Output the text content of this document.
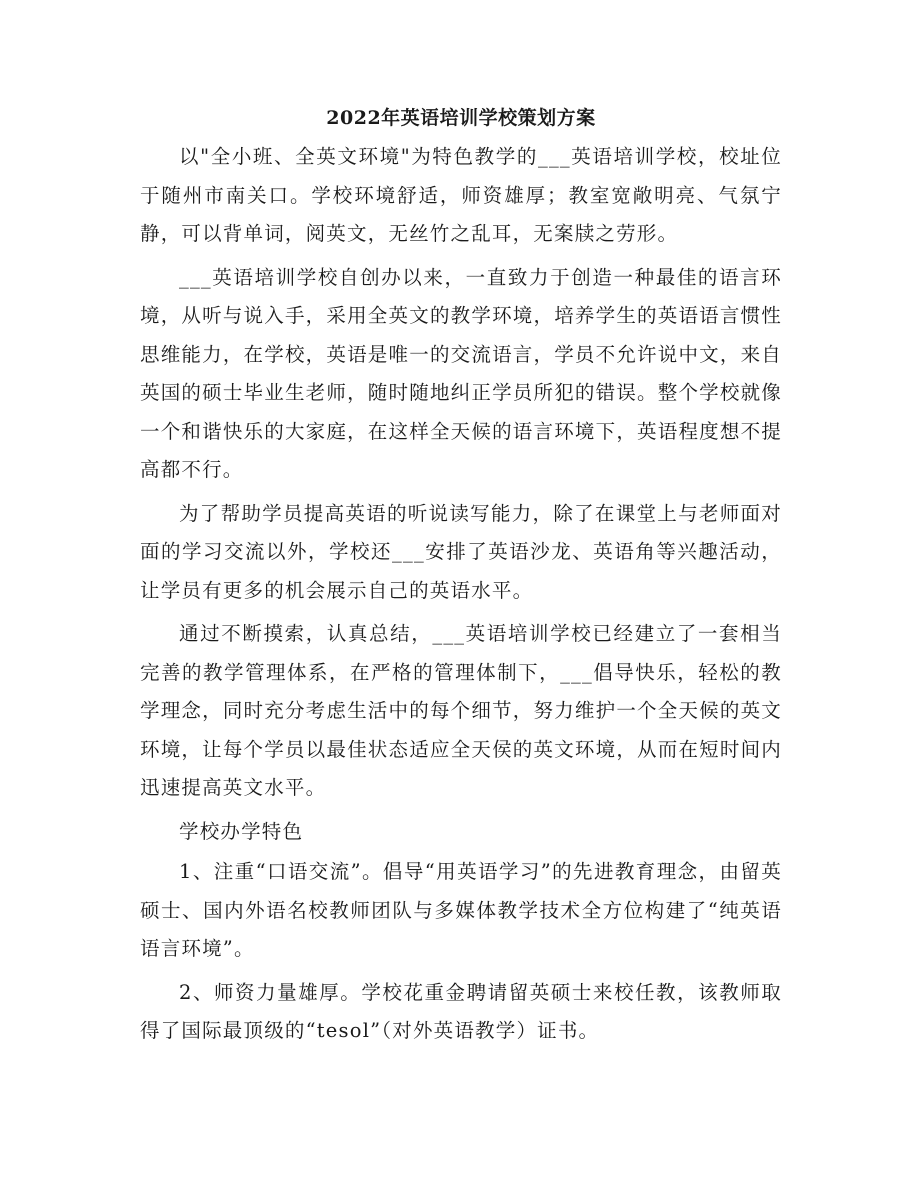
2022年英语培训学校策划方案

以"全小班、全英文环境"为特色教学的___英语培训学校，校址位于随州市南关口。学校环境舒适，师资雄厚；教室宽敞明亮、气氛宁静，可以背单词，阅英文，无丝竹之乱耳，无案牍之劳形。

___英语培训学校自创办以来，一直致力于创造一种最佳的语言环境，从听与说入手，采用全英文的教学环境，培养学生的英语语言惯性思维能力，在学校，英语是唯一的交流语言，学员不允许说中文，来自英国的硕士毕业生老师，随时随地纠正学员所犯的错误。整个学校就像一个和谐快乐的大家庭，在这样全天候的语言环境下，英语程度想不提高都不行。

为了帮助学员提高英语的听说读写能力，除了在课堂上与老师面对面的学习交流以外，学校还___安排了英语沙龙、英语角等兴趣活动，让学员有更多的机会展示自己的英语水平。

通过不断摸索，认真总结，___英语培训学校已经建立了一套相当完善的教学管理体系，在严格的管理体制下，___倡导快乐，轻松的教学理念，同时充分考虑生活中的每个细节，努力维护一个全天候的英文环境，让每个学员以最佳状态适应全天侯的英文环境，从而在短时间内迅速提高英文水平。

学校办学特色

1、注重“口语交流”。倡导“用英语学习”的先进教育理念，由留英硕士、国内外语名校教师团队与多媒体教学技术全方位构建了“纯英语语言环境”。

2、师资力量雄厚。学校花重金聘请留英硕士来校任教，该教师取得了国际最顶级的“tesol”（对外英语教学）证书。
